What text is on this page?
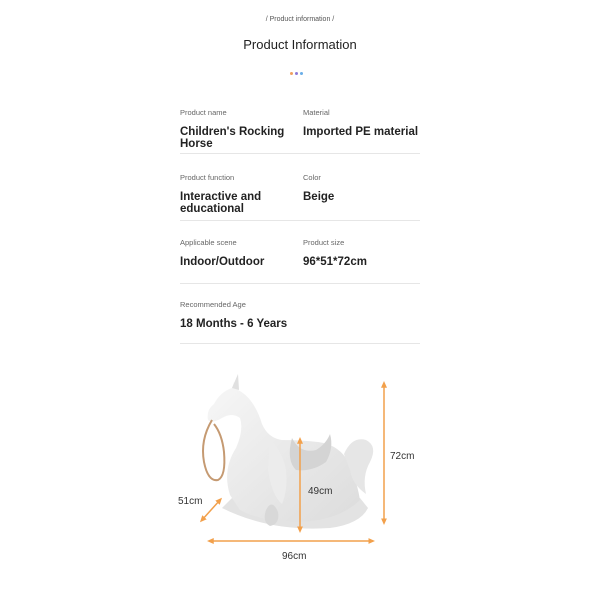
/ Product information /
Product Information
Product name
Children's Rocking Horse
Material
Imported PE material
Product function
Interactive and educational
Color
Beige
Applicable scene
Indoor/Outdoor
Product size
96*51*72cm
Recommended Age
18 Months - 6 Years
72cm
49cm
51cm
96cm
